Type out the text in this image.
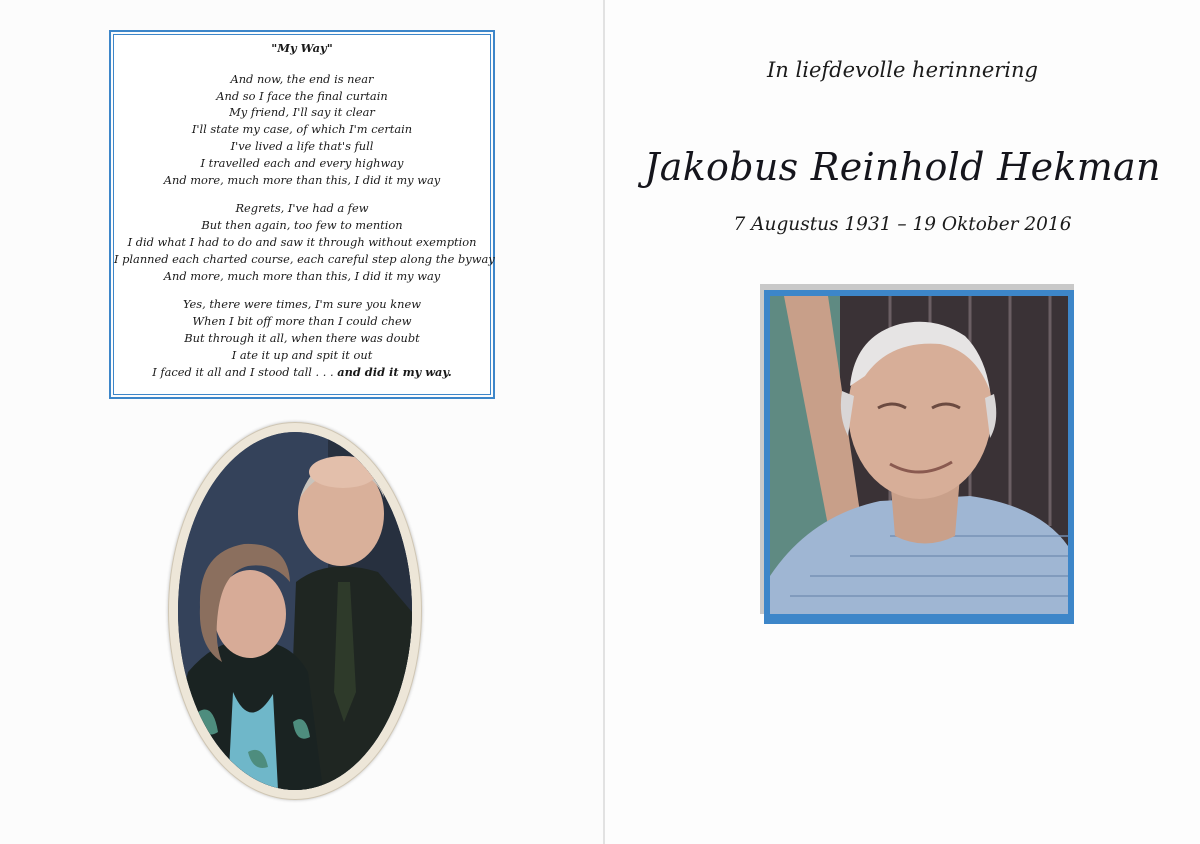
"My Way"
And now, the end is near
And so I face the final curtain
My friend, I'll say it clear
I'll state my case, of which I'm certain
I've lived a life that's full
I travelled each and every highway
And more, much more than this, I did it my way
Regrets, I've had a few
But then again, too few to mention
I did what I had to do and saw it through without exemption
I planned each charted course, each careful step along the byway
And more, much more than this, I did it my way
Yes, there were times, I'm sure you knew
When I bit off more than I could chew
But through it all, when there was doubt
I ate it up and spit it out
I faced it all and I stood tall . . . and did it my way.
In liefdevolle herinnering
Jakobus Reinhold Hekman
7 Augustus 1931 – 19 Oktober 2016
